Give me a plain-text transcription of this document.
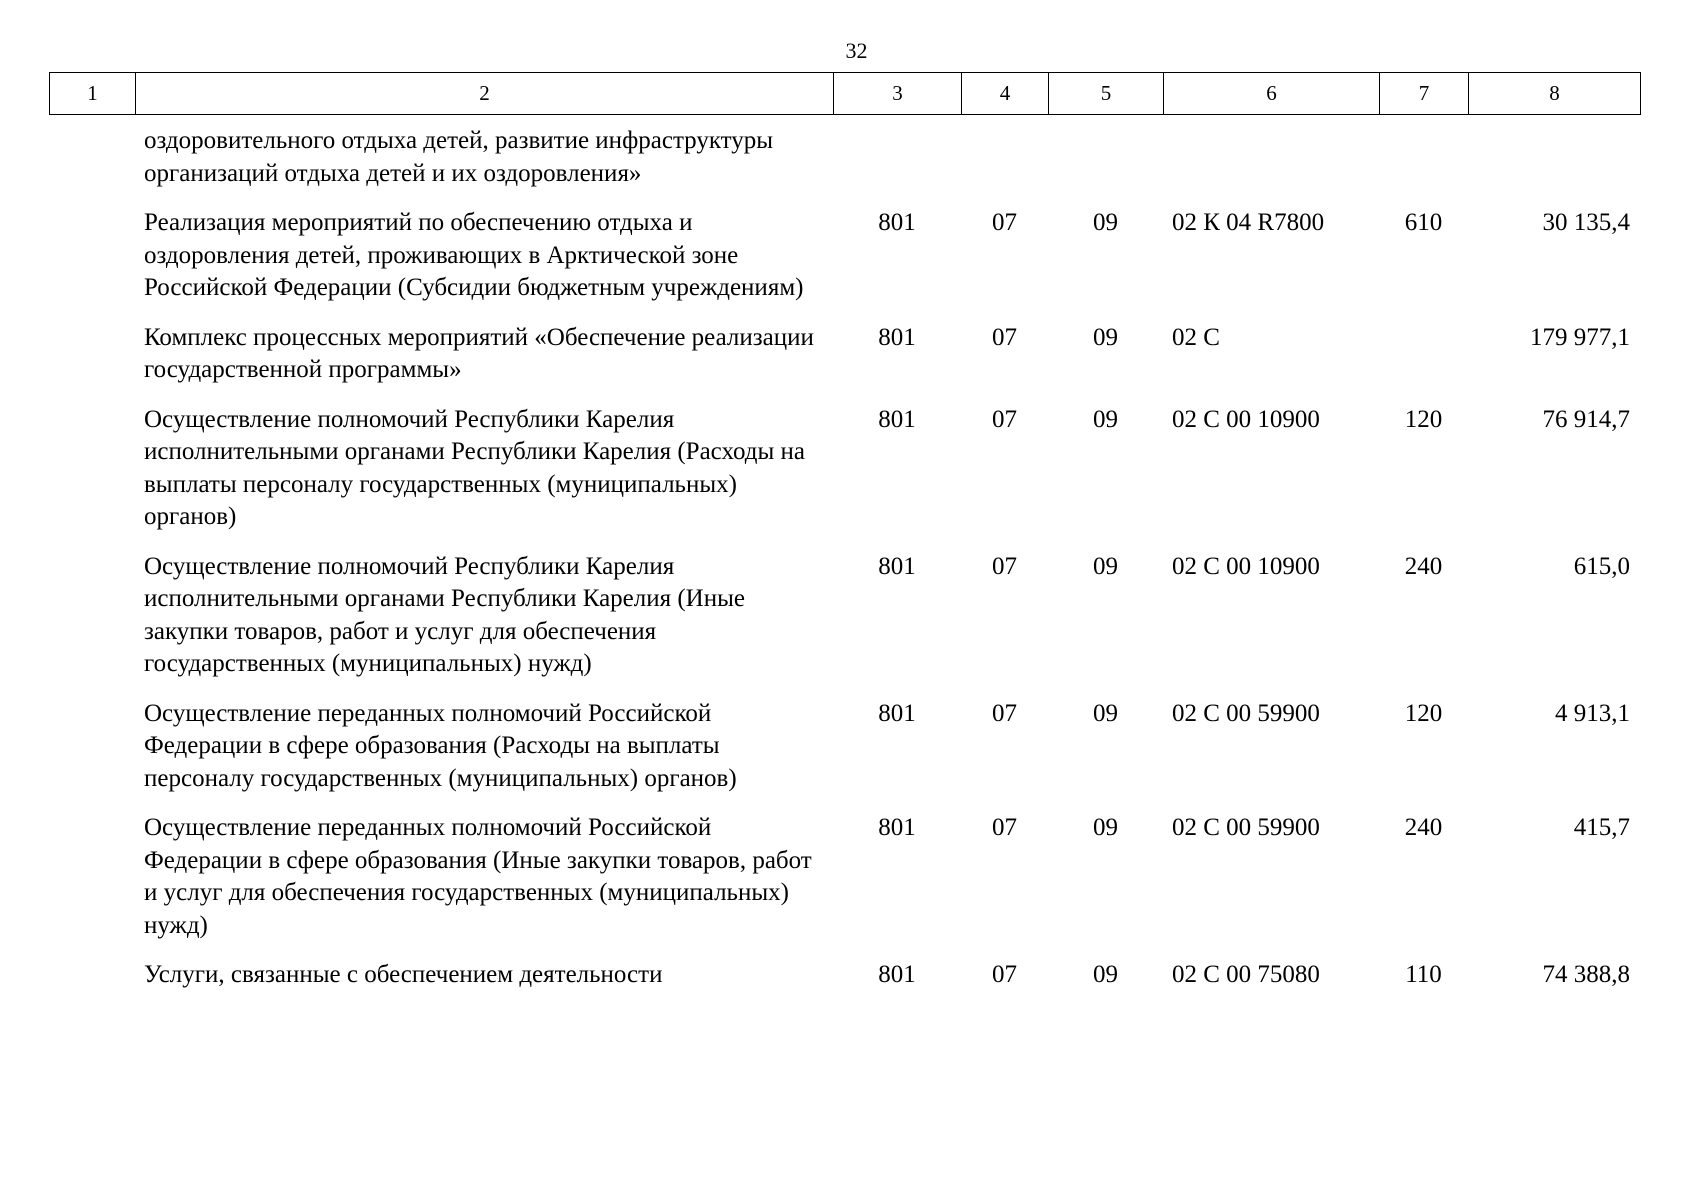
32
1	2	3	4	5	6	7	8
оздоровительного отдыха детей, развитие инфраструктуры организаций отдыха детей и их оздоровления»						
Реализация мероприятий по обеспечению отдыха и оздоровления детей, проживающих в Арктической зоне Российской Федерации (Субсидии бюджетным учреждениям)	801	07	09	02 К 04 R7800	610	30 135,4
Комплекс процессных мероприятий «Обеспечение реализации государственной программы»	801	07	09	02 С		179 977,1
Осуществление полномочий Республики Карелия исполнительными органами Республики Карелия (Расходы на выплаты персоналу государственных (муниципальных) органов)	801	07	09	02 С 00 10900	120	76 914,7
Осуществление полномочий Республики Карелия исполнительными органами Республики Карелия (Иные закупки товаров, работ и услуг для обеспечения государственных (муниципальных) нужд)	801	07	09	02 С 00 10900	240	615,0
Осуществление переданных полномочий Российской Федерации в сфере образования (Расходы на выплаты персоналу государственных (муниципальных) органов)	801	07	09	02 С 00 59900	120	4 913,1
Осуществление переданных полномочий Российской Федерации в сфере образования (Иные закупки товаров, работ и услуг для обеспечения государственных (муниципальных) нужд)	801	07	09	02 С 00 59900	240	415,7
Услуги, связанные с обеспечением деятельности	801	07	09	02 С 00 75080	110	74 388,8
